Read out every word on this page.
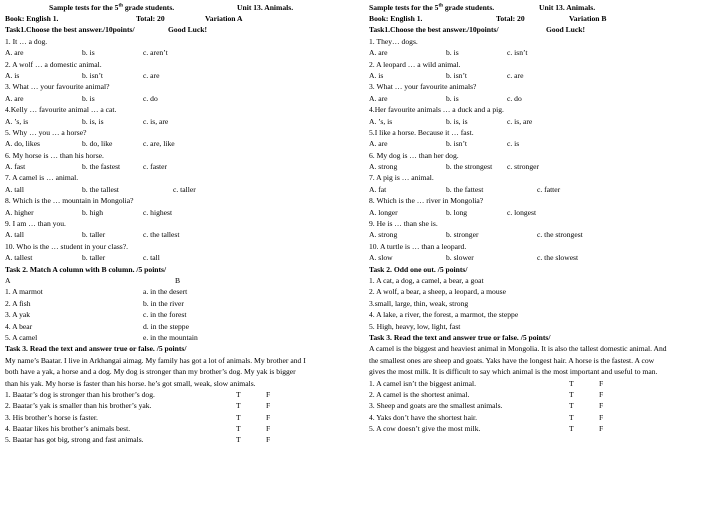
Sample tests for the 5th grade students.	Unit 13. Animals.
Book: English 1.	Total: 20	Variation A
Task1.Choose the best answer./10points/	Good Luck!
1. It … a dog.
A. are	b. is	c. aren’t
2. A wolf … a domestic animal.
A. is	b. isn’t	c. are
3. What … your favourite animal?
A. are	b. is	c. do
4.Kelly … favourite animal … a cat.
A. ’s, is	b. is, is	c. is, are
5. Why … you … a horse?
A. do, likes	b. do, like	c. are, like
6. My horse is … than his horse.
A. fast	b. the fastest	c. faster
7. A camel is … animal.
A. tall	b. the tallest	c. taller
8. Which is the … mountain in Mongolia?
A. higher	b. high	c. highest
9. I am … than you.
A. tall	b. taller	c. the tallest
10. Who is the … student in your class?.
A. tallest	b. taller	c. tall
Task 2. Match A column with B column. /5 points/
A	B
1. A marmot	a. in the desert
2. A fish	b. in the river
3. A yak	c. in the forest
4. A bear	d. in the steppe
5. A camel	e. in the mountain
Task 3. Read the text and answer true or false. /5 points/
My name’s Baatar. I live in Arkhangai aimag. My family has got a lot of animals. My brother and I
both have a yak, a horse and a dog. My dog is stronger than my brother’s dog. My yak is bigger
than his yak. My horse is faster than his horse. he’s got small, weak, slow animals.
1. Baatar’s dog is stronger than his brother’s dog.	T	F
2. Baatar’s yak is smaller than his brother’s yak.	T	F
3. His brother’s horse is faster.	T	F
4. Baatar likes his brother’s animals best.	T	F
5. Baatar has got big, strong and fast animals.	T	F
Sample tests for the 5th grade students.	Unit 13. Animals.
Book: English 1.	Total: 20	Variation B
Task1.Choose the best answer./10points/	Good Luck!
1. They… dogs.
A. are	b. is	c. isn’t
2. A leopard … a wild animal.
A. is	b. isn’t	c. are
3. What … your favourite animals?
A. are	b. is	c. do
4.Her favourite animals … a duck and a pig.
A. ’s, is	b. is, is	c. is, are
5.I like a horse. Because it … fast.
A. are	b. isn’t	c. is
6. My dog is … than her dog.
A. strong	b. the strongest c. stronger
7. A pig is … animal.
A. fat	b. the fattest	c. fatter
8. Which is the … river in Mongolia?
A. longer	b. long	c. longest
9. He is … than she is.
A. strong	b. stronger	c. the strongest
10. A turtle is … than a leopard.
A. slow	b. slower	c. the slowest
Task 2. Odd one out. /5 points/
1. A cat, a dog, a camel, a bear, a goat
2. A wolf, a bear, a sheep, a leopard, a mouse
3.small, large, thin, weak, strong
4. A lake, a river, the forest, a marmot, the steppe
5. High, heavy, low, light, fast
Task 3. Read the text and answer true or false. /5 points/
A camel is the biggest and heaviest animal in Mongolia. It is also the tallest domestic animal. And
the smallest ones are sheep and goats. Yaks have the longest hair. A horse is the fastest. A cow
gives the most milk. It is difficult to say which animal is the most important and useful to man.
1. A camel isn’t the biggest animal.	T	F
2. A camel is the shortest animal.	T	F
3. Sheep and goats are the smallest animals.	T	F
4. Yaks don’t have the shortest hair.	T	F
5. A cow doesn’t give the most milk.	T	F
